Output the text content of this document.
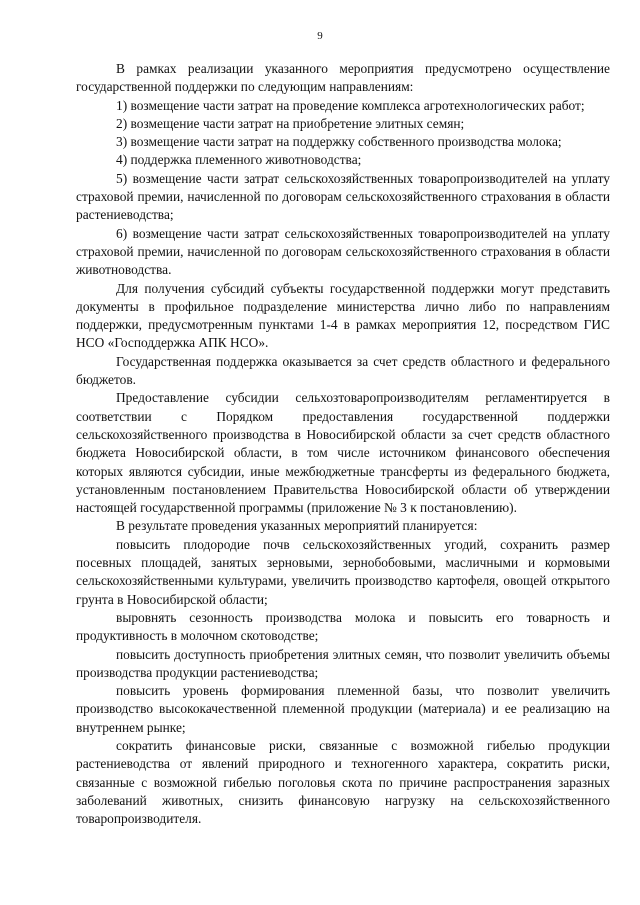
9

В рамках реализации указанного мероприятия предусмотрено осуществление государственной поддержки по следующим направлениям:

1) возмещение части затрат на проведение комплекса агротехнологических работ;

2) возмещение части затрат на приобретение элитных семян;

3) возмещение части затрат на поддержку собственного производства молока;

4) поддержка племенного животноводства;

5) возмещение части затрат сельскохозяйственных товаропроизводителей на уплату страховой премии, начисленной по договорам сельскохозяйственного страхования в области растениеводства;

6) возмещение части затрат сельскохозяйственных товаропроизводителей на уплату страховой премии, начисленной по договорам сельскохозяйственного страхования в области животноводства.

Для получения субсидий субъекты государственной поддержки могут представить документы в профильное подразделение министерства лично либо по направлениям поддержки, предусмотренным пунктами 1-4 в рамках мероприятия 12, посредством ГИС НСО «Господдержка АПК НСО».

Государственная поддержка оказывается за счет средств областного и федерального бюджетов.

Предоставление субсидии сельхозтоваропроизводителям регламентируется в соответствии с Порядком предоставления государственной поддержки сельскохозяйственного производства в Новосибирской области за счет средств областного бюджета Новосибирской области, в том числе источником финансового обеспечения которых являются субсидии, иные межбюджетные трансферты из федерального бюджета, установленным постановлением Правительства Новосибирской области об утверждении настоящей государственной программы (приложение № 3 к постановлению).

В результате проведения указанных мероприятий планируется:

повысить плодородие почв сельскохозяйственных угодий, сохранить размер посевных площадей, занятых зерновыми, зернобобовыми, масличными и кормовыми сельскохозяйственными культурами, увеличить производство картофеля, овощей открытого грунта в Новосибирской области;

выровнять сезонность производства молока и повысить его товарность и продуктивность в молочном скотоводстве;

повысить доступность приобретения элитных семян, что позволит увеличить объемы производства продукции растениеводства;

повысить уровень формирования племенной базы, что позволит увеличить производство высококачественной племенной продукции (материала) и ее реализацию на внутреннем рынке;

сократить финансовые риски, связанные с возможной гибелью продукции растениеводства от явлений природного и техногенного характера, сократить риски, связанные с возможной гибелью поголовья скота по причине распространения заразных заболеваний животных, снизить финансовую нагрузку на сельскохозяйственного товаропроизводителя.
